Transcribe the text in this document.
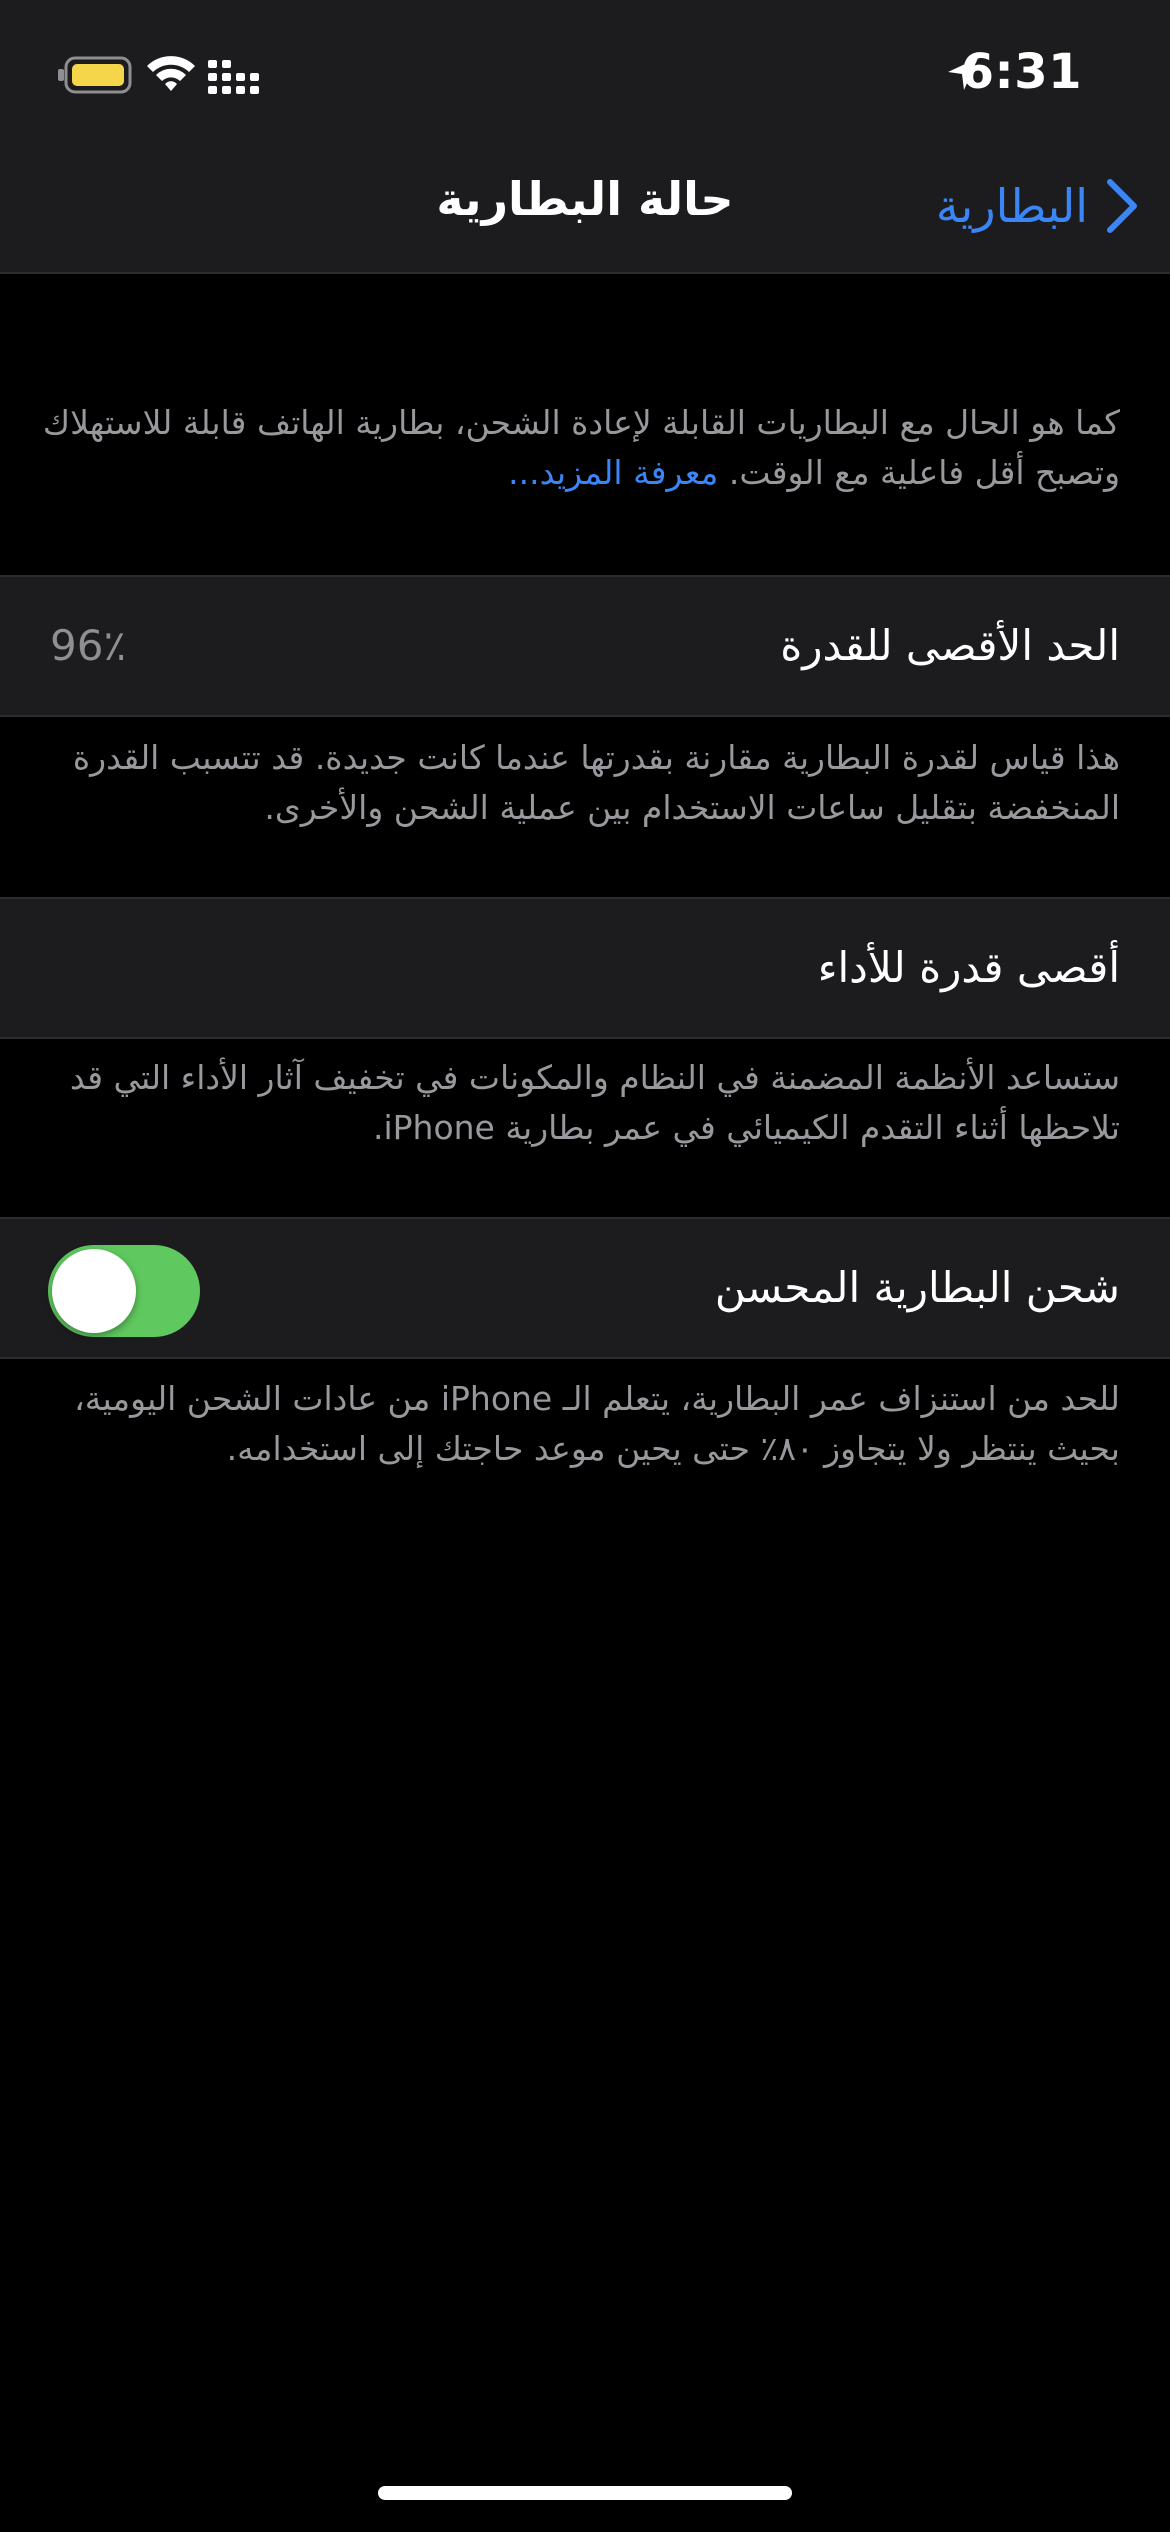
6:31
البطارية
حالة البطارية
كما هو الحال مع البطاريات القابلة لإعادة الشحن، بطارية الهاتف قابلة للاستهلاك وتصبح أقل فاعلية مع الوقت. معرفة المزيد...
الحد الأقصى للقدرة
96٪
هذا قياس لقدرة البطارية مقارنة بقدرتها عندما كانت جديدة. قد تتسبب القدرة المنخفضة بتقليل ساعات الاستخدام بين عملية الشحن والأخرى.
أقصى قدرة للأداء
ستساعد الأنظمة المضمنة في النظام والمكونات في تخفيف آثار الأداء التي قد تلاحظها أثناء التقدم الكيميائي في عمر بطارية iPhone.
شحن البطارية المحسن
للحد من استنزاف عمر البطارية، يتعلم الـ iPhone من عادات الشحن اليومية، بحيث ينتظر ولا يتجاوز ٨٠٪ حتى يحين موعد حاجتك إلى استخدامه.
